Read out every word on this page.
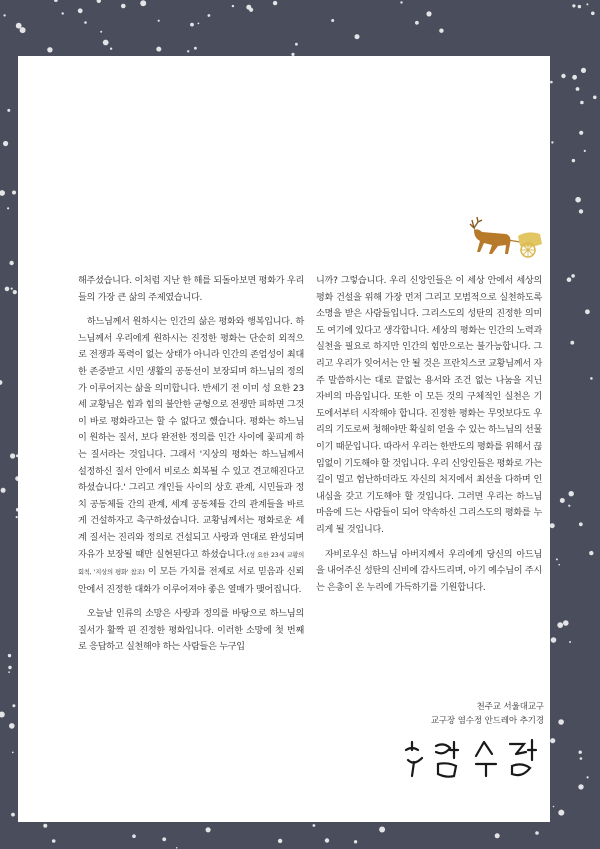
해주셨습니다. 이처럼 지난 한 해를 되돌아보면 평화가 우리들의 가장 큰 삶의 주제였습니다.

하느님께서 원하시는 인간의 삶은 평화와 행복입니다. 하느님께서 우리에게 원하시는 진정한 평화는 단순히 외적으로 전쟁과 폭력이 없는 상태가 아니라 인간의 존엄성이 최대한 존중받고 시민 생활의 공동선이 보장되며 하느님의 정의가 이루어지는 삶을 의미합니다. 반세기 전 이미 성 요한 23세 교황님은 힘과 힘의 불안한 균형으로 전쟁만 피하면 그것이 바로 평화라고는 할 수 없다고 했습니다. 평화는 하느님이 원하는 질서, 보다 완전한 정의를 인간 사이에 꽃피게 하는 질서라는 것입니다. 그래서 '지상의 평화는 하느님께서 설정하신 질서 안에서 비로소 회복될 수 있고 견고해진다고 하셨습니다.' 그리고 개인들 사이의 상호 관계, 시민들과 정치 공동체들 간의 관계, 세계 공동체들 간의 관계들을 바르게 건설하자고 촉구하셨습니다. 교황님께서는 평화로운 세계 질서는 진리와 정의로 건설되고 사랑과 연대로 완성되며 자유가 보장될 때만 실현된다고 하셨습니다.(성 요한 23세 교황의 회칙, '지상의 평화' 참조) 이 모든 가치를 전제로 서로 믿음과 신뢰 안에서 진정한 대화가 이루어져야 좋은 열매가 맺어집니다.

오늘날 인류의 소망은 사랑과 정의를 바탕으로 하느님의 질서가 활짝 핀 진정한 평화입니다. 이러한 소망에 첫 번째로 응답하고 실천해야 하는 사람들은 누구입

니까? 그렇습니다. 우리 신앙인들은 이 세상 안에서 세상의 평화 건설을 위해 가장 먼저 그리고 모범적으로 실천하도록 소명을 받은 사람들입니다. 그리스도의 성탄의 진정한 의미도 여기에 있다고 생각합니다. 세상의 평화는 인간의 노력과 실천을 필요로 하지만 인간의 힘만으로는 불가능합니다. 그리고 우리가 잊어서는 안 될 것은 프란치스코 교황님께서 자주 말씀하시는 대로 끝없는 용서와 조건 없는 나눔을 지닌 자비의 마음입니다. 또한 이 모든 것의 구체적인 실천은 기도에서부터 시작해야 합니다. 진정한 평화는 무엇보다도 우리의 기도로써 청해야만 확실히 얻을 수 있는 하느님의 선물이기 때문입니다. 따라서 우리는 한반도의 평화를 위해서 끊임없이 기도해야 할 것입니다. 우리 신앙인들은 평화로 가는 길이 멀고 험난하더라도 자신의 처지에서 최선을 다하며 인내심을 갖고 기도해야 할 것입니다. 그러면 우리는 하느님 마음에 드는 사람들이 되어 약속하신 그리스도의 평화를 누리게 될 것입니다.

자비로우신 하느님 아버지께서 우리에게 당신의 아드님을 내어주신 성탄의 신비에 감사드리며, 아기 예수님이 주시는 은총이 온 누리에 가득하기를 기원합니다.

천주교 서울대교구
교구장 염수정 안드레아 추기경
